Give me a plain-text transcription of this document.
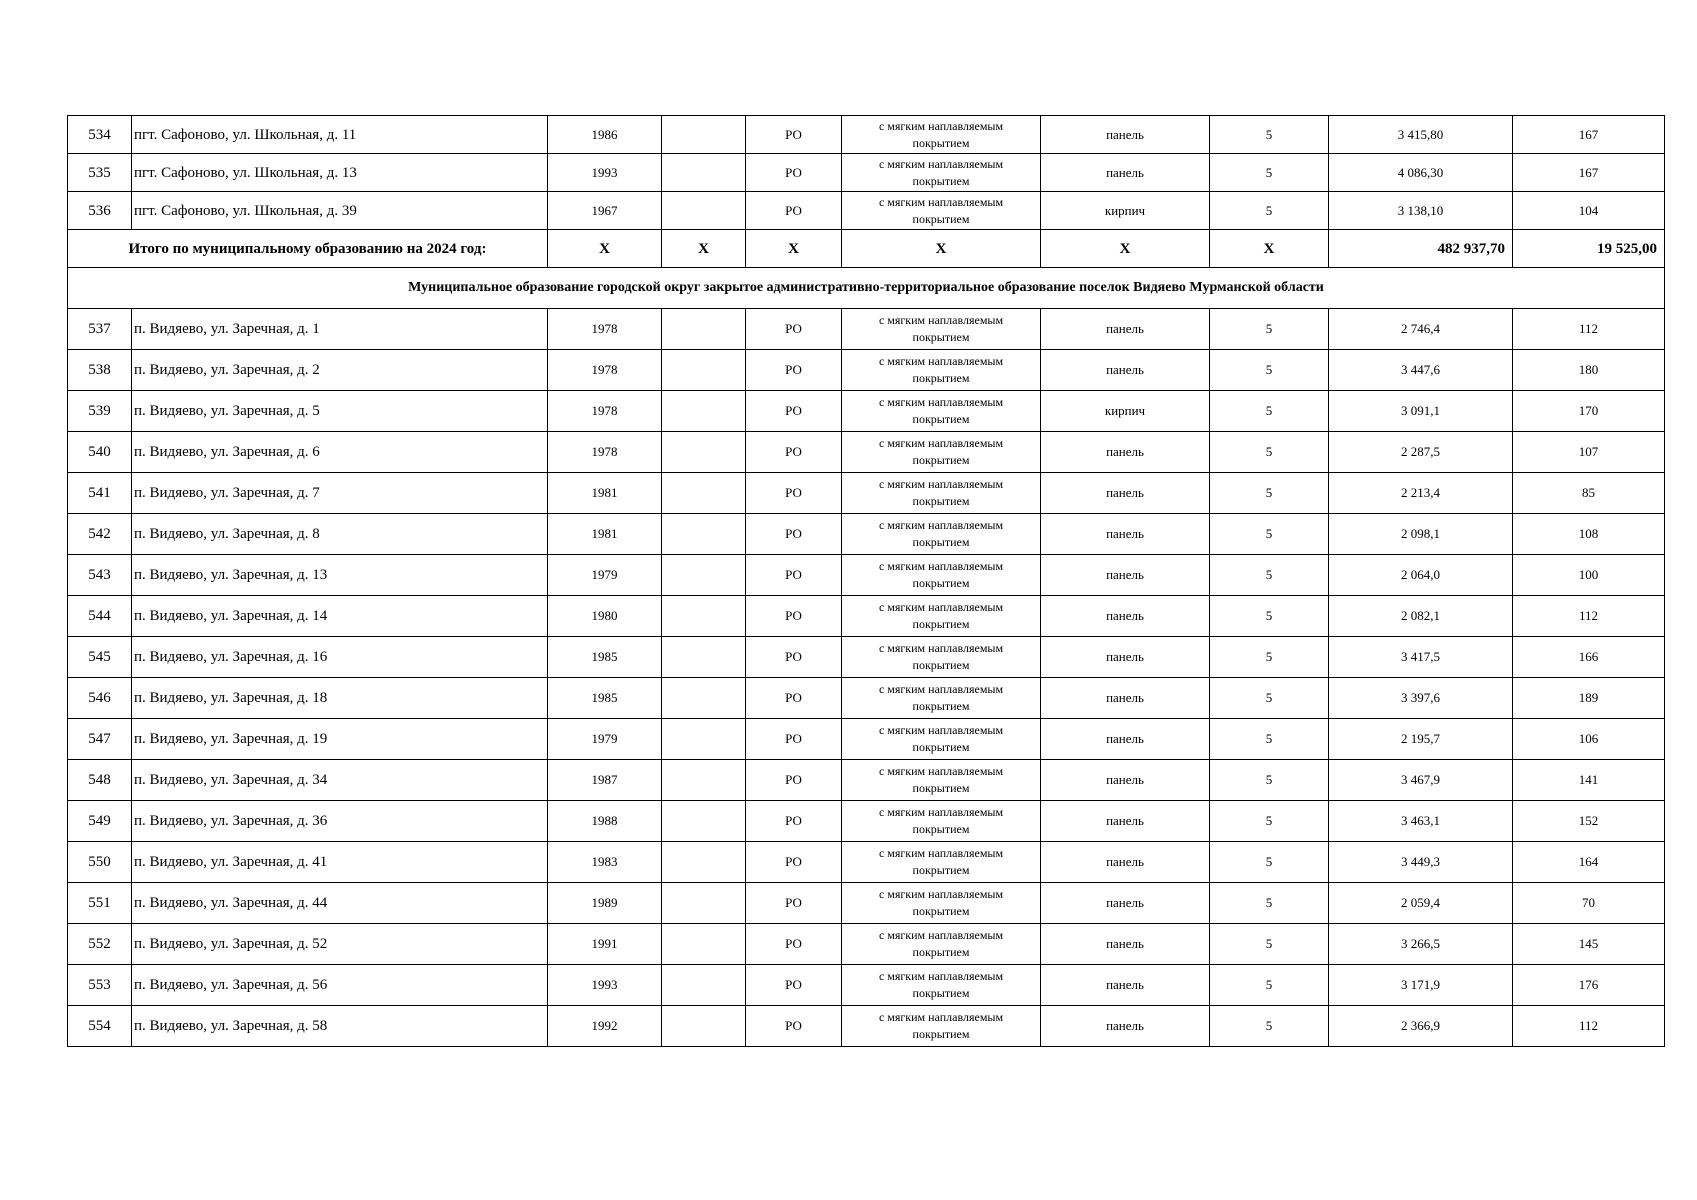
534	пгт. Сафоново, ул. Школьная, д. 11	1986		РО	с мягким наплавляемым
покрытием	панель	5	3 415,80	167
535	пгт. Сафоново, ул. Школьная, д. 13	1993		РО	с мягким наплавляемым
покрытием	панель	5	4 086,30	167
536	пгт. Сафоново, ул. Школьная, д. 39	1967		РО	с мягким наплавляемым
покрытием	кирпич	5	3 138,10	104
Итого по муниципальному образованию на 2024 год:		X	X	X	X	X	X	482 937,70	19 525,00
Муниципальное образование городской округ закрытое административно-территориальное образование поселок Видяево Мурманской области									
537	п. Видяево, ул. Заречная, д. 1	1978		РО	с мягким наплавляемым
покрытием	панель	5	2 746,4	112
538	п. Видяево, ул. Заречная, д. 2	1978		РО	с мягким наплавляемым
покрытием	панель	5	3 447,6	180
539	п. Видяево, ул. Заречная, д. 5	1978		РО	с мягким наплавляемым
покрытием	кирпич	5	3 091,1	170
540	п. Видяево, ул. Заречная, д. 6	1978		РО	с мягким наплавляемым
покрытием	панель	5	2 287,5	107
541	п. Видяево, ул. Заречная, д. 7	1981		РО	с мягким наплавляемым
покрытием	панель	5	2 213,4	85
542	п. Видяево, ул. Заречная, д. 8	1981		РО	с мягким наплавляемым
покрытием	панель	5	2 098,1	108
543	п. Видяево, ул. Заречная, д. 13	1979		РО	с мягким наплавляемым
покрытием	панель	5	2 064,0	100
544	п. Видяево, ул. Заречная, д. 14	1980		РО	с мягким наплавляемым
покрытием	панель	5	2 082,1	112
545	п. Видяево, ул. Заречная, д. 16	1985		РО	с мягким наплавляемым
покрытием	панель	5	3 417,5	166
546	п. Видяево, ул. Заречная, д. 18	1985		РО	с мягким наплавляемым
покрытием	панель	5	3 397,6	189
547	п. Видяево, ул. Заречная, д. 19	1979		РО	с мягким наплавляемым
покрытием	панель	5	2 195,7	106
548	п. Видяево, ул. Заречная, д. 34	1987		РО	с мягким наплавляемым
покрытием	панель	5	3 467,9	141
549	п. Видяево, ул. Заречная, д. 36	1988		РО	с мягким наплавляемым
покрытием	панель	5	3 463,1	152
550	п. Видяево, ул. Заречная, д. 41	1983		РО	с мягким наплавляемым
покрытием	панель	5	3 449,3	164
551	п. Видяево, ул. Заречная, д. 44	1989		РО	с мягким наплавляемым
покрытием	панель	5	2 059,4	70
552	п. Видяево, ул. Заречная, д. 52	1991		РО	с мягким наплавляемым
покрытием	панель	5	3 266,5	145
553	п. Видяево, ул. Заречная, д. 56	1993		РО	с мягким наплавляемым
покрытием	панель	5	3 171,9	176
554	п. Видяево, ул. Заречная, д. 58	1992		РО	с мягким наплавляемым
покрытием	панель	5	2 366,9	112
